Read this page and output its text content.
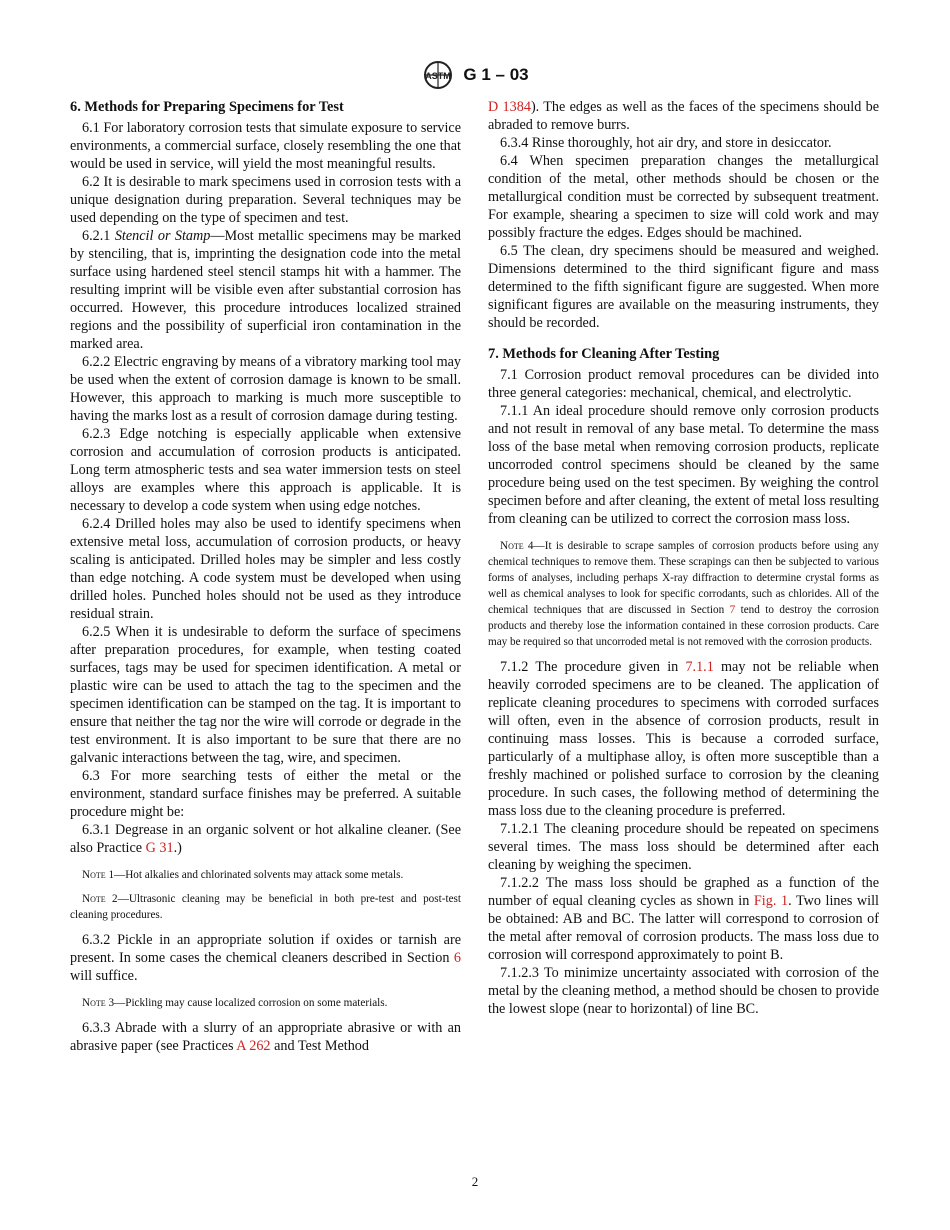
ASTM G 1 – 03
6. Methods for Preparing Specimens for Test

6.1 For laboratory corrosion tests that simulate exposure to service environments, a commercial surface, closely resembling the one that would be used in service, will yield the most meaningful results.

6.2 It is desirable to mark specimens used in corrosion tests with a unique designation during preparation. Several techniques may be used depending on the type of specimen and test.

6.2.1 Stencil or Stamp—Most metallic specimens may be marked by stenciling, that is, imprinting the designation code into the metal surface using hardened steel stencil stamps hit with a hammer. The resulting imprint will be visible even after substantial corrosion has occurred. However, this procedure introduces localized strained regions and the possibility of superficial iron contamination in the marked area.

6.2.2 Electric engraving by means of a vibratory marking tool may be used when the extent of corrosion damage is known to be small. However, this approach to marking is much more susceptible to having the marks lost as a result of corrosion damage during testing.

6.2.3 Edge notching is especially applicable when extensive corrosion and accumulation of corrosion products is anticipated. Long term atmospheric tests and sea water immersion tests on steel alloys are examples where this approach is applicable. It is necessary to develop a code system when using edge notches.

6.2.4 Drilled holes may also be used to identify specimens when extensive metal loss, accumulation of corrosion products, or heavy scaling is anticipated. Drilled holes may be simpler and less costly than edge notching. A code system must be developed when using drilled holes. Punched holes should not be used as they introduce residual strain.

6.2.5 When it is undesirable to deform the surface of specimens after preparation procedures, for example, when testing coated surfaces, tags may be used for specimen identification. A metal or plastic wire can be used to attach the tag to the specimen and the specimen identification can be stamped on the tag. It is important to ensure that neither the tag nor the wire will corrode or degrade in the test environment. It is also important to be sure that there are no galvanic interactions between the tag, wire, and specimen.

6.3 For more searching tests of either the metal or the environment, standard surface finishes may be preferred. A suitable procedure might be:

6.3.1 Degrease in an organic solvent or hot alkaline cleaner. (See also Practice G 31.)

Note 1—Hot alkalies and chlorinated solvents may attack some metals.

Note 2—Ultrasonic cleaning may be beneficial in both pre-test and post-test cleaning procedures.

6.3.2 Pickle in an appropriate solution if oxides or tarnish are present. In some cases the chemical cleaners described in Section 6 will suffice.

Note 3—Pickling may cause localized corrosion on some materials.

6.3.3 Abrade with a slurry of an appropriate abrasive or with an abrasive paper (see Practices A 262 and Test Method

D 1384). The edges as well as the faces of the specimens should be abraded to remove burrs.

6.3.4 Rinse thoroughly, hot air dry, and store in desiccator.

6.4 When specimen preparation changes the metallurgical condition of the metal, other methods should be chosen or the metallurgical condition must be corrected by subsequent treatment. For example, shearing a specimen to size will cold work and may possibly fracture the edges. Edges should be machined.

6.5 The clean, dry specimens should be measured and weighed. Dimensions determined to the third significant figure and mass determined to the fifth significant figure are suggested. When more significant figures are available on the measuring instruments, they should be recorded.

7. Methods for Cleaning After Testing

7.1 Corrosion product removal procedures can be divided into three general categories: mechanical, chemical, and electrolytic.

7.1.1 An ideal procedure should remove only corrosion products and not result in removal of any base metal. To determine the mass loss of the base metal when removing corrosion products, replicate uncorroded control specimens should be cleaned by the same procedure being used on the test specimen. By weighing the control specimen before and after cleaning, the extent of metal loss resulting from cleaning can be utilized to correct the corrosion mass loss.

Note 4—It is desirable to scrape samples of corrosion products before using any chemical techniques to remove them. These scrapings can then be subjected to various forms of analyses, including perhaps X-ray diffraction to determine crystal forms as well as chemical analyses to look for specific corrodants, such as chlorides. All of the chemical techniques that are discussed in Section 7 tend to destroy the corrosion products and thereby lose the information contained in these corrosion products. Care may be required so that uncorroded metal is not removed with the corrosion products.

7.1.2 The procedure given in 7.1.1 may not be reliable when heavily corroded specimens are to be cleaned. The application of replicate cleaning procedures to specimens with corroded surfaces will often, even in the absence of corrosion products, result in continuing mass losses. This is because a corroded surface, particularly of a multiphase alloy, is often more susceptible than a freshly machined or polished surface to corrosion by the cleaning procedure. In such cases, the following method of determining the mass loss due to the cleaning procedure is preferred.

7.1.2.1 The cleaning procedure should be repeated on specimens several times. The mass loss should be determined after each cleaning by weighing the specimen.

7.1.2.2 The mass loss should be graphed as a function of the number of equal cleaning cycles as shown in Fig. 1. Two lines will be obtained: AB and BC. The latter will correspond to corrosion of the metal after removal of corrosion products. The mass loss due to corrosion will correspond approximately to point B.

7.1.2.3 To minimize uncertainty associated with corrosion of the metal by the cleaning method, a method should be chosen to provide the lowest slope (near to horizontal) of line BC.

2
